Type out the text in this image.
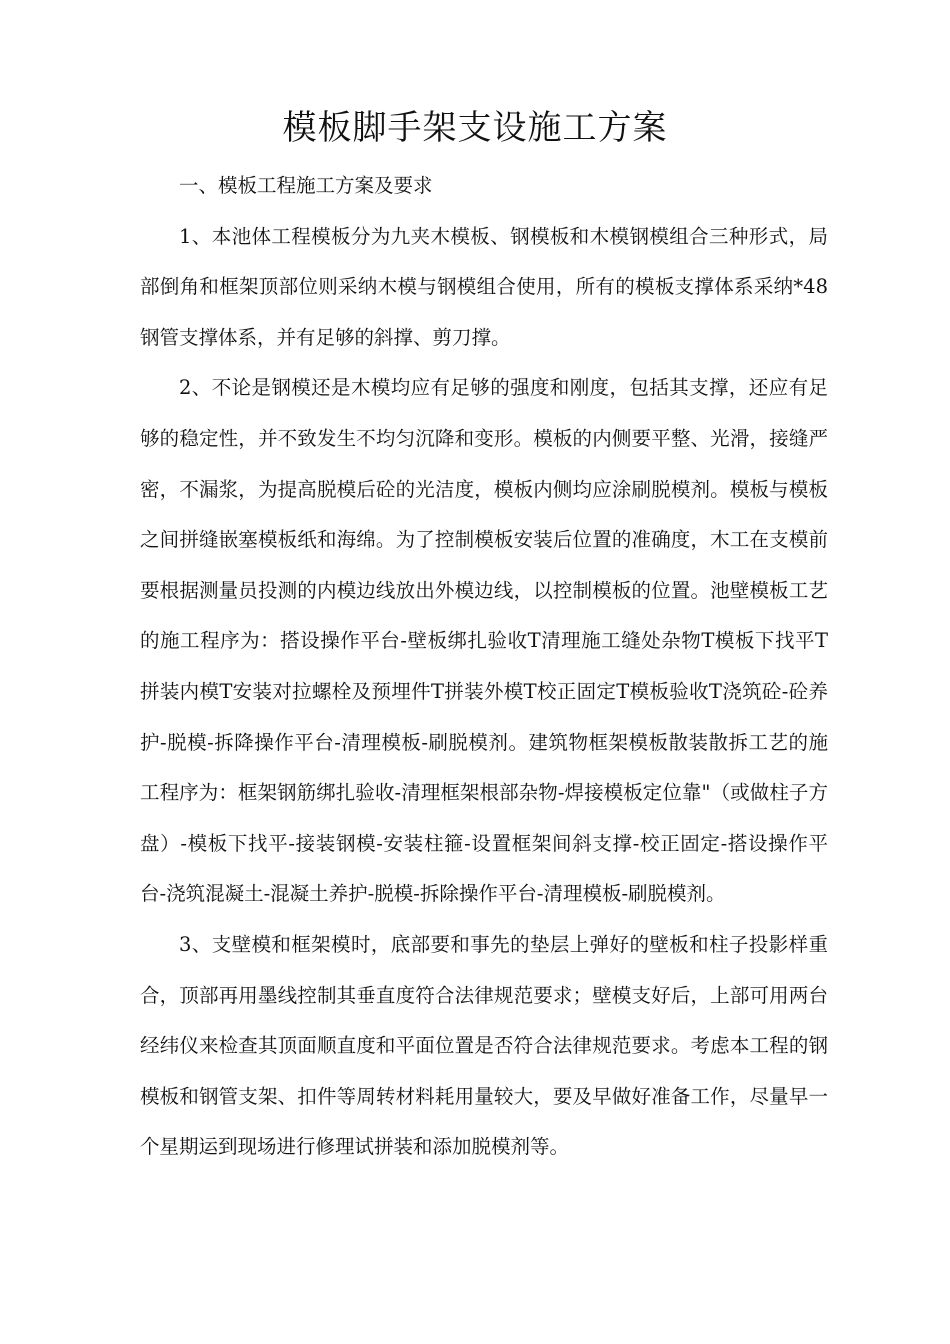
模板脚手架支设施工方案

一、模板工程施工方案及要求

1、本池体工程模板分为九夹木模板、钢模板和木模钢模组合三种形式，局部倒角和框架顶部位则采纳木模与钢模组合使用，所有的模板支撑体系采纳*48钢管支撑体系，并有足够的斜撑、剪刀撑。

2、不论是钢模还是木模均应有足够的强度和刚度，包括其支撑，还应有足够的稳定性，并不致发生不均匀沉降和变形。模板的内侧要平整、光滑，接缝严密，不漏浆，为提高脱模后砼的光洁度，模板内侧均应涂刷脱模剂。模板与模板之间拼缝嵌塞模板纸和海绵。为了控制模板安装后位置的准确度，木工在支模前要根据测量员投测的内模边线放出外模边线，以控制模板的位置。池壁模板工艺的施工程序为：搭设操作平台-壁板绑扎验收T清理施工缝处杂物T模板下找平T拼装内模T安装对拉螺栓及预埋件T拼装外模T校正固定T模板验收T浇筑砼-砼养护-脱模-拆降操作平台-清理模板-刷脱模剂。建筑物框架模板散装散拆工艺的施工程序为：框架钢筋绑扎验收-清理框架根部杂物-焊接模板定位靠"（或做柱子方盘）-模板下找平-接装钢模-安装柱箍-设置框架间斜支撑-校正固定-搭设操作平台-浇筑混凝土-混凝土养护-脱模-拆除操作平台-清理模板-刷脱模剂。

3、支壁模和框架模时，底部要和事先的垫层上弹好的壁板和柱子投影样重合，顶部再用墨线控制其垂直度符合法律规范要求；壁模支好后，上部可用两台经纬仪来检查其顶面顺直度和平面位置是否符合法律规范要求。考虑本工程的钢模板和钢管支架、扣件等周转材料耗用量较大，要及早做好准备工作，尽量早一个星期运到现场进行修理试拼装和添加脱模剂等。
